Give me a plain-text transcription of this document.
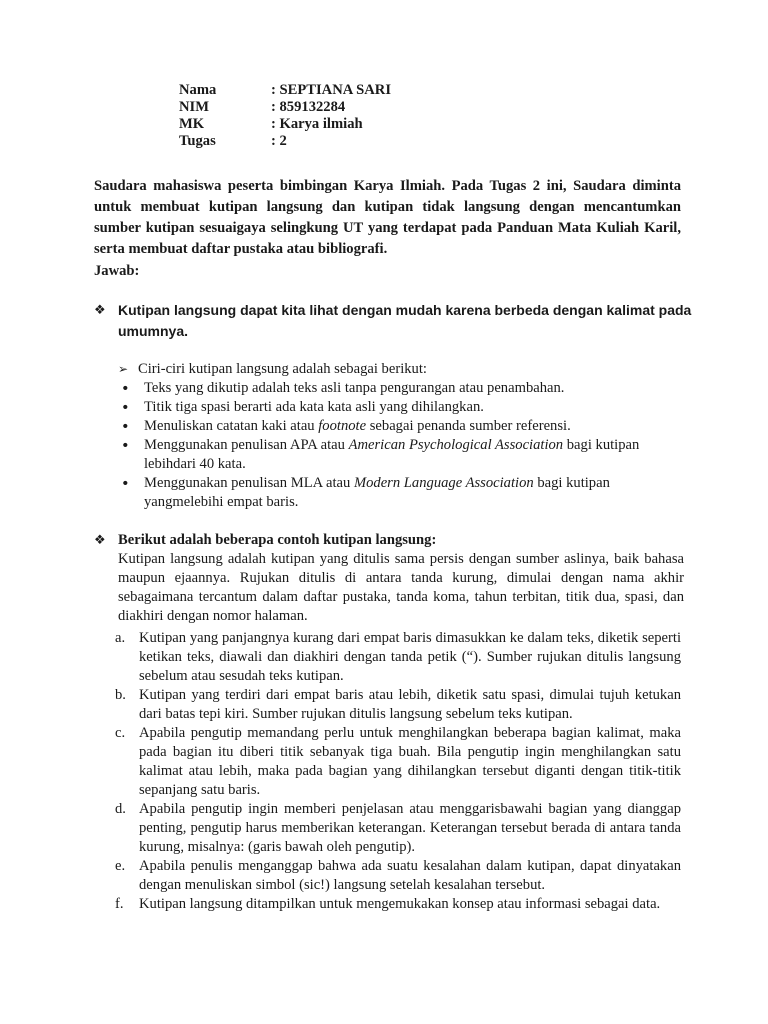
Nama	: SEPTIANA SARI
NIM	: 859132284
MK	: Karya ilmiah
Tugas	: 2
Saudara mahasiswa peserta bimbingan Karya Ilmiah. Pada Tugas 2 ini, Saudara diminta untuk membuat kutipan langsung dan kutipan tidak langsung dengan mencantumkan sumber kutipan sesuaigaya selingkung UT yang terdapat pada Panduan Mata Kuliah Karil, serta membuat daftar pustaka atau bibliografi.
Jawab:
❖ Kutipan langsung dapat kita lihat dengan mudah karena berbeda dengan kalimat pada umumnya.
➢ Ciri-ciri kutipan langsung adalah sebagai berikut:
• Teks yang dikutip adalah teks asli tanpa pengurangan atau penambahan.
• Titik tiga spasi berarti ada kata kata asli yang dihilangkan.
• Menuliskan catatan kaki atau footnote sebagai penanda sumber referensi.
• Menggunakan penulisan APA atau American Psychological Association bagi kutipan lebihdari 40 kata.
• Menggunakan penulisan MLA atau Modern Language Association bagi kutipan yangmelebihi empat baris.
❖ Berikut adalah beberapa contoh kutipan langsung:
Kutipan langsung adalah kutipan yang ditulis sama persis dengan sumber aslinya, baik bahasa maupun ejaannya. Rujukan ditulis di antara tanda kurung, dimulai dengan nama akhir sebagaimana tercantum dalam daftar pustaka, tanda koma, tahun terbitan, titik dua, spasi, dan diakhiri dengan nomor halaman.
a. Kutipan yang panjangnya kurang dari empat baris dimasukkan ke dalam teks, diketik seperti ketikan teks, diawali dan diakhiri dengan tanda petik (“). Sumber rujukan ditulis langsung sebelum atau sesudah teks kutipan.
b. Kutipan yang terdiri dari empat baris atau lebih, diketik satu spasi, dimulai tujuh ketukan dari batas tepi kiri. Sumber rujukan ditulis langsung sebelum teks kutipan.
c. Apabila pengutip memandang perlu untuk menghilangkan beberapa bagian kalimat, maka pada bagian itu diberi titik sebanyak tiga buah. Bila pengutip ingin menghilangkan satu kalimat atau lebih, maka pada bagian yang dihilangkan tersebut diganti dengan titik-titik sepanjang satu baris.
d. Apabila pengutip ingin memberi penjelasan atau menggarisbawahi bagian yang dianggap penting, pengutip harus memberikan keterangan. Keterangan tersebut berada di antara tanda kurung, misalnya: (garis bawah oleh pengutip).
e. Apabila penulis menganggap bahwa ada suatu kesalahan dalam kutipan, dapat dinyatakan dengan menuliskan simbol (sic!) langsung setelah kesalahan tersebut.
f. Kutipan langsung ditampilkan untuk mengemukakan konsep atau informasi sebagai data.
